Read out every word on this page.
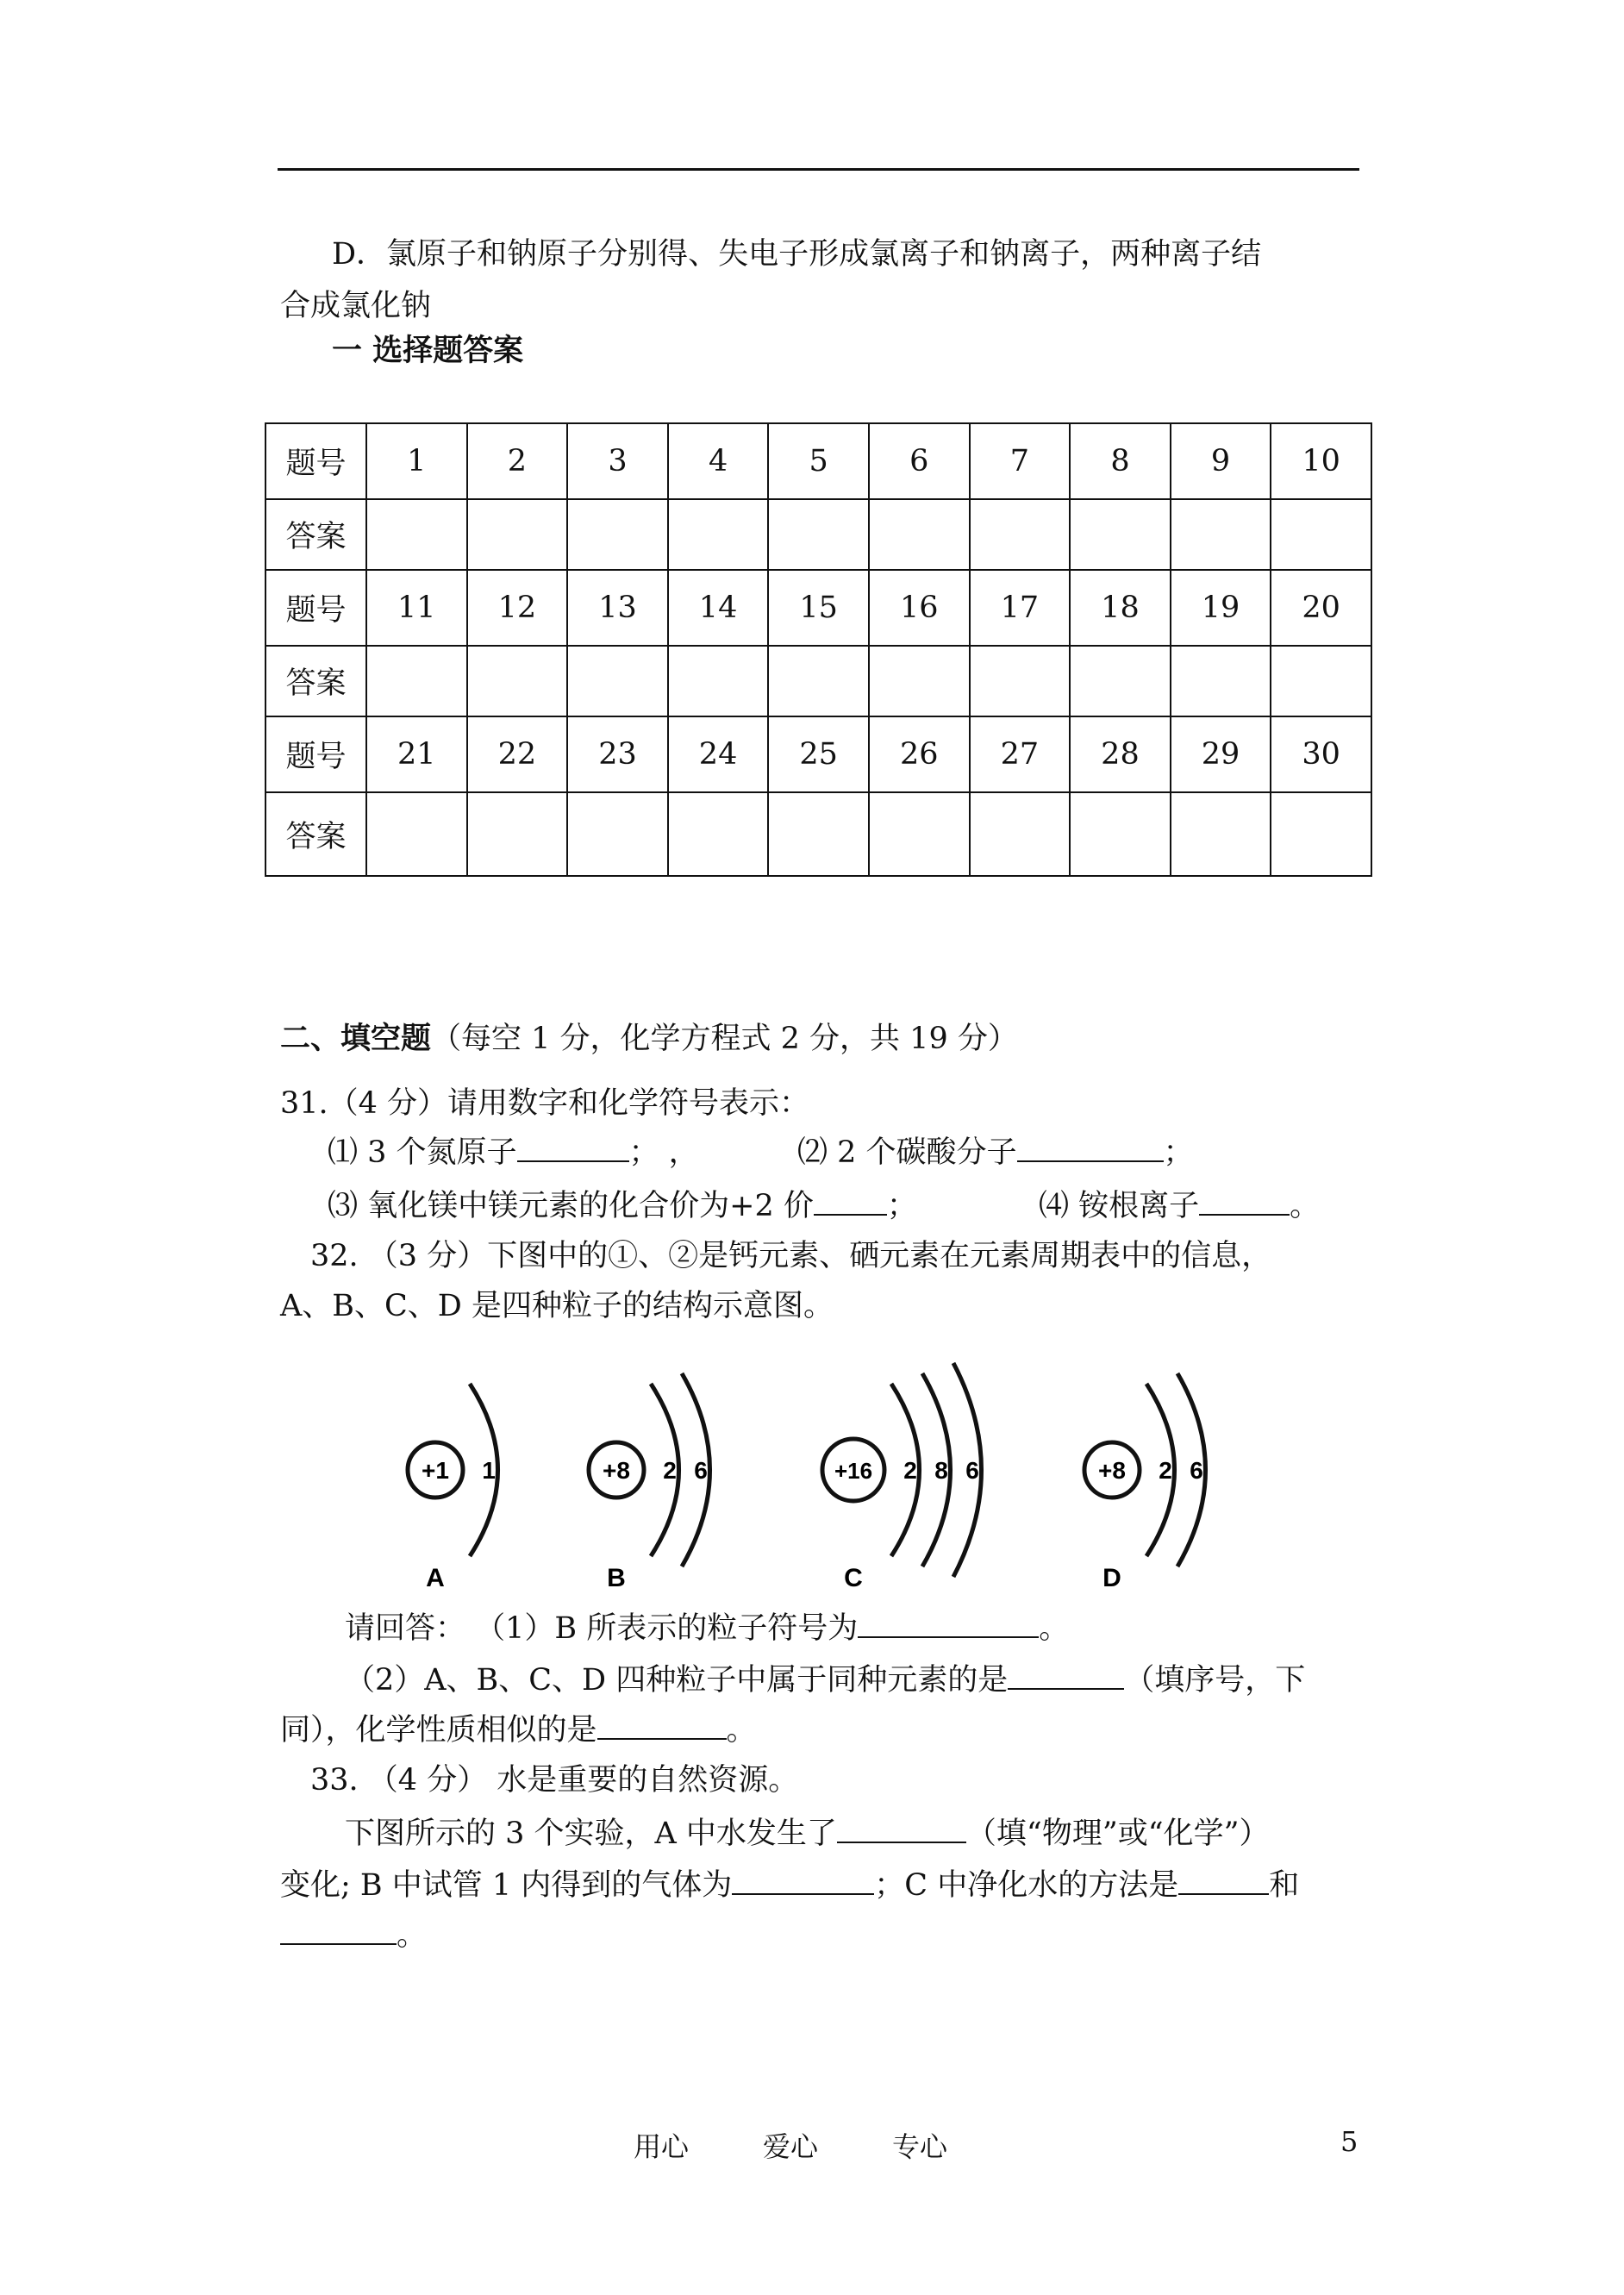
D．氯原子和钠原子分别得、失电子形成氯离子和钠离子，两种离子结
合成氯化钠
一 选择题答案
题号	1	2	3	4	5	6	7	8	9	10
答案										
题号	11	12	13	14	15	16	17	18	19	20
答案										
题号	21	22	23	24	25	26	27	28	29	30
答案										
二、填空题（每空 1 分，化学方程式 2 分，共 19 分）
31.（4 分）请用数字和化学符号表示：
⑴ 3 个氮原子	； ，	⑵ 2 个碳酸分子	；
⑶ 氧化镁中镁元素的化合价为+2 价 ；	⑷ 铵根离子	。
32. （3 分）下图中的①、②是钙元素、硒元素在元素周期表中的信息，
A、B、C、D 是四种粒子的结构示意图。
+1 1
A
+8 2 6
B
+16 2 8 6
C
+8 2 6
D
请回答： （1）B 所表示的粒子符号为	。
（2）A、B、C、D 四种粒子中属于同种元素的是	（填序号，下
同），化学性质相似的是	。
33. （4 分） 水是重要的自然资源。
下图所示的 3 个实验，A 中水发生了	（填“物理”或“化学”）
变化; B 中试管 1 内得到的气体为	；C 中净化水的方法是	和
。
用心	爱心	专心	5
